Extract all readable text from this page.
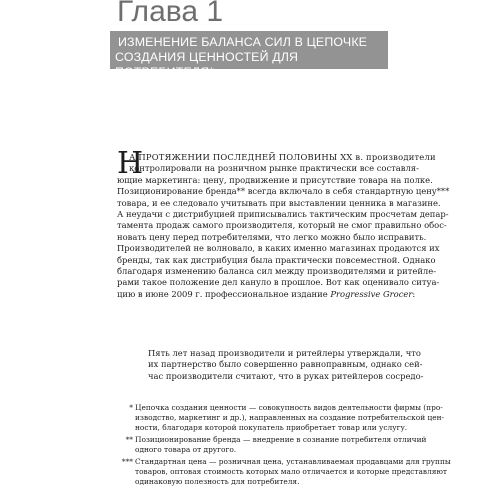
Глава 1
ИЗМЕНЕНИЕ БАЛАНСА СИЛ В ЦЕПОЧКЕ
СОЗДАНИЯ ЦЕННОСТЕЙ ДЛЯ ПОТРЕБИТЕЛЯ*
Н
А ПРОТЯЖЕНИИ ПОСЛЕДНЕЙ ПОЛОВИНЫ XX в. производители
контролировали на розничном рынке практически все составля-
ющие маркетинга: цену, продвижение и присутствие товара на полке.
Позиционирование бренда** всегда включало в себя стандартную цену***
товара, и ее следовало учитывать при выставлении ценника в магазине.
А неудачи с дистрибуцией приписывались тактическим просчетам депар-
тамента продаж самого производителя, который не смог правильно обос-
новать цену перед потребителями, что легко можно было исправить.
Производителей не волновало, в каких именно магазинах продаются их
бренды, так как дистрибуция была практически повсеместной. Однако
благодаря изменению баланса сил между производителями и ритейле-
рами такое положение дел кануло в прошлое. Вот как оценивало ситуа-
цию в июне 2009 г. профессиональное издание Progressive Grocer:
Пять лет назад производители и ритейлеры утверждали, что
их партнерство было совершенно равноправным, однако сей-
час производители считают, что в руках ритейлеров сосредо-
* Цепочка создания ценности — совокупность видов деятельности фирмы (про-
изводство, маркетинг и др.), направленных на создание потребительской цен-
ности, благодаря которой покупатель приобретает товар или услугу.
** Позиционирование бренда — внедрение в сознание потребителя отличий
одного товара от другого.
*** Стандартная цена — розничная цена, устанавливаемая продавцами для группы
товаров, оптовая стоимость которых мало отличается и которые представляют
одинаковую полезность для потребителя.
